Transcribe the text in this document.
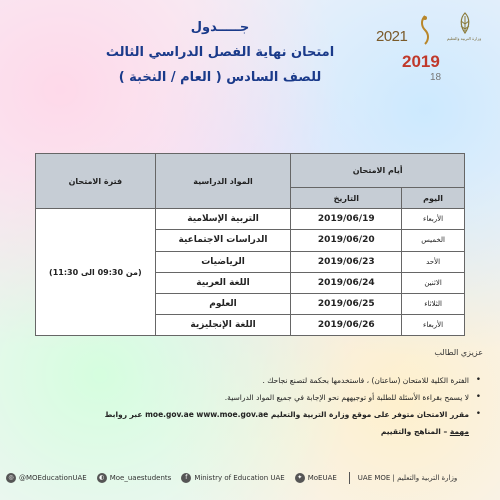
وزارة التربية والتعليم
2021
2019
18
جـــــدول
امتحان نهاية الفصل الدراسي الثالث
للصف السادس ( العام / النخبة )
أيام الامتحان		المواد الدراسية	فترة الامتحان
اليوم	التاريخ		
الأربعاء	2019/06/19	التربية الإسلامية	(من 09:30 الى 11:30)
الخميس	2019/06/20	الدراسات الاجتماعية	
الأحد	2019/06/23	الرياضيات	
الاثنين	2019/06/24	اللغة العربية	
الثلاثاء	2019/06/25	العلوم	
الأربعاء	2019/06/26	اللغة الإنجليزية	
عزيزي الطالب
•
الفترة الكلية للامتحان (ساعتان) ، فاستخدمها بحكمة لتصنع نجاحك .
•
لا يسمح بقراءة الأسئلة للطلبة أو توجيههم نحو الإجابة في جميع المواد الدراسية.
•
مقرر الامتحان متوفر على موقع وزارة التربية والتعليم moe.gov.ae www.moe.gov.ae عبر روابط
مهمة – المناهج والتقييم
◎ @MOEducationUAE	◐ Moe_uaestudents	f Ministry of Education UAE	✦ MoEUAE	UAE MOE | وزارة التربية والتعليم
